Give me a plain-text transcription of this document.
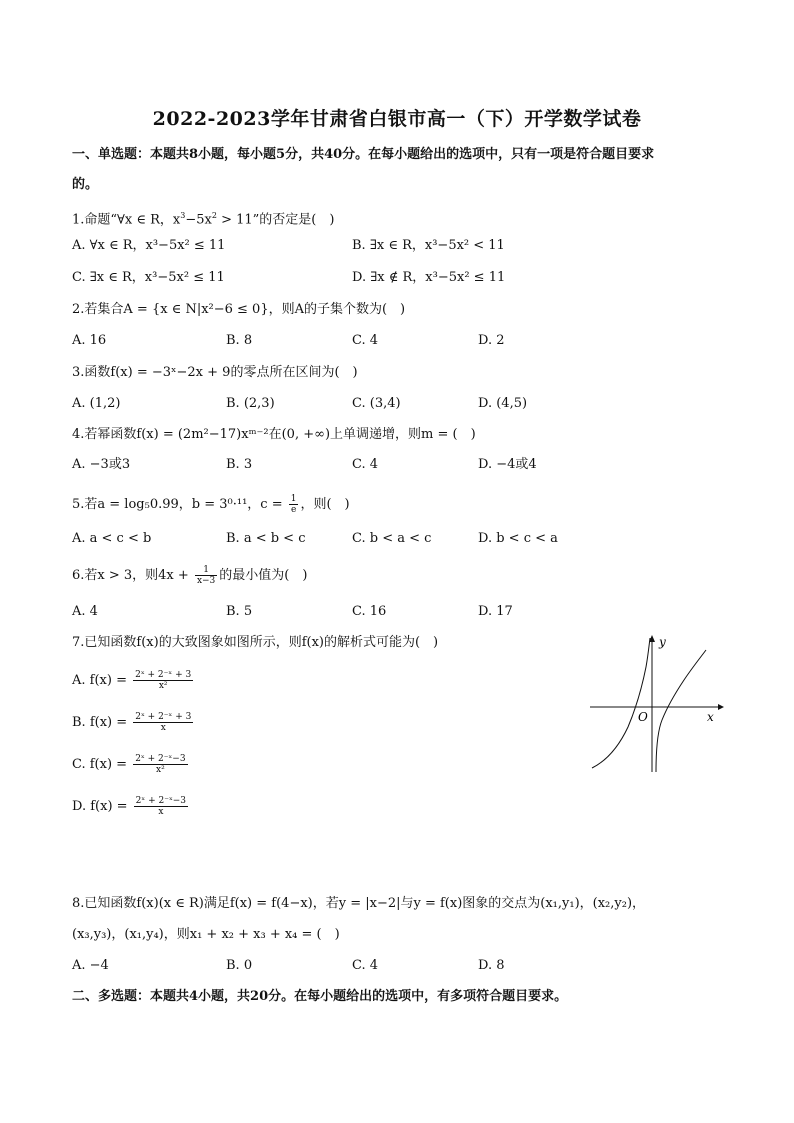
2022-2023学年甘肃省白银市高一（下）开学数学试卷
一、单选题：本题共8小题，每小题5分，共40分。在每小题给出的选项中，只有一项是符合题目要求
的。
1.命题“∀x ∈ R，$x^3-5x^2 > 11$”的否定是(　)
A. ∀x ∈ R，x³−5x² ≤ 11	B. ∃x ∈ R，x³−5x² < 11
C. ∃x ∈ R，x³−5x² ≤ 11	D. ∃x ∉ R，x³−5x² ≤ 11
2.若集合A = {x ∈ N|x²−6 ≤ 0}，则A的子集个数为(　)
A. 16	B. 8	C. 4	D. 2
3.函数f(x) = −3ˣ−2x + 9的零点所在区间为(　)
A. (1,2)	B. (2,3)	C. (3,4)	D. (4,5)
4.若幂函数f(x) = (2m²−17)xᵐ⁻²在(0, +∞)上单调递增，则m = (　)
A. −3或3	B. 3	C. 4	D. −4或4
5.若a = log₅0.99，b = 3⁰·¹¹，$c = \frac{1}{e}$ ，则(　)
A. a < c < b	B. a < b < c	C. b < a < c	D. b < c < a
6.若x > 3，则$4x + \frac{1}{x-3}$ 的最小值为(　)
A. 4	B. 5	C. 16	D. 17
7.已知函数f(x)的大致图象如图所示，则f(x)的解析式可能为(　)
A. $f(x) = \frac{\text{2ˣ + 2⁻ˣ + 3}}{\text{x²}}$
B. $f(x) = \frac{\text{2ˣ + 2⁻ˣ + 3}}{x}$
C. $f(x) = \frac{\text{2ˣ + 2⁻ˣ−3}}{\text{x²}}$
D. $f(x) = \frac{\text{2ˣ + 2⁻ˣ−3}}{x}$
y
x
O
8.已知函数f(x)(x ∈ R)满足f(x) = f(4−x)，若y = |x−2|与y = f(x)图象的交点为(x₁,y₁)，(x₂,y₂)，
(x₃,y₃)，(x₁,y₄)，则x₁ + x₂ + x₃ + x₄ = (　)
A. −4	B. 0	C. 4	D. 8
二、多选题：本题共4小题，共20分。在每小题给出的选项中，有多项符合题目要求。
